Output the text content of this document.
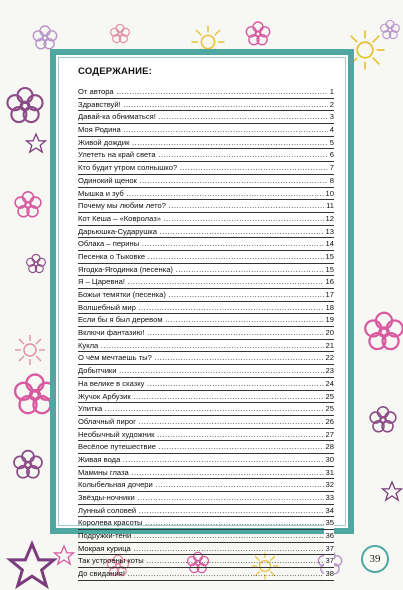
СОДЕРЖАНИЕ:
От автора .....	1
Здравствуй! .....	2
Давай-ка обниматься! .....	3
Моя Родина .....	4
Живой дождик .....	5
Улететь на край света .....	6
Кто будит утром солнышко? .....	7
Одинокий щенок .....	8
Мышка и зуб .....	10
Почему мы любим лето? .....	11
Кот Кеша – «Ковролаз» .....	12
Дарьюшка-Сударушка .....	13
Облака – перины .....	14
Песенка о Тыковке .....	15
Ягодка-Ягодинка (песенка) .....	15
Я – Царевна! .....	16
Божьи темятки (песенка) .....	17
Волшебный мир .....	18
Если бы я был деревом .....	19
Включи фантазию! .....	20
Кукла .....	21
О чём мечтаешь ты? .....	22
Добытчики .....	23
На велике в сказку .....	24
Жучок Арбузик .....	25
Улитка .....	25
Облачный пирог .....	26
Необычный художник .....	27
Весёлое путешествие .....	28
Живая вода .....	30
Мамины глаза .....	31
Колыбельная дочери .....	32
Звёзды-ночники .....	33
Лунный соловей .....	34
Королева красоты .....	35
Подружки-тени .....	36
Мокрая курица .....	37
Так устроены коты .....	37
До свидания! .....	38
39
